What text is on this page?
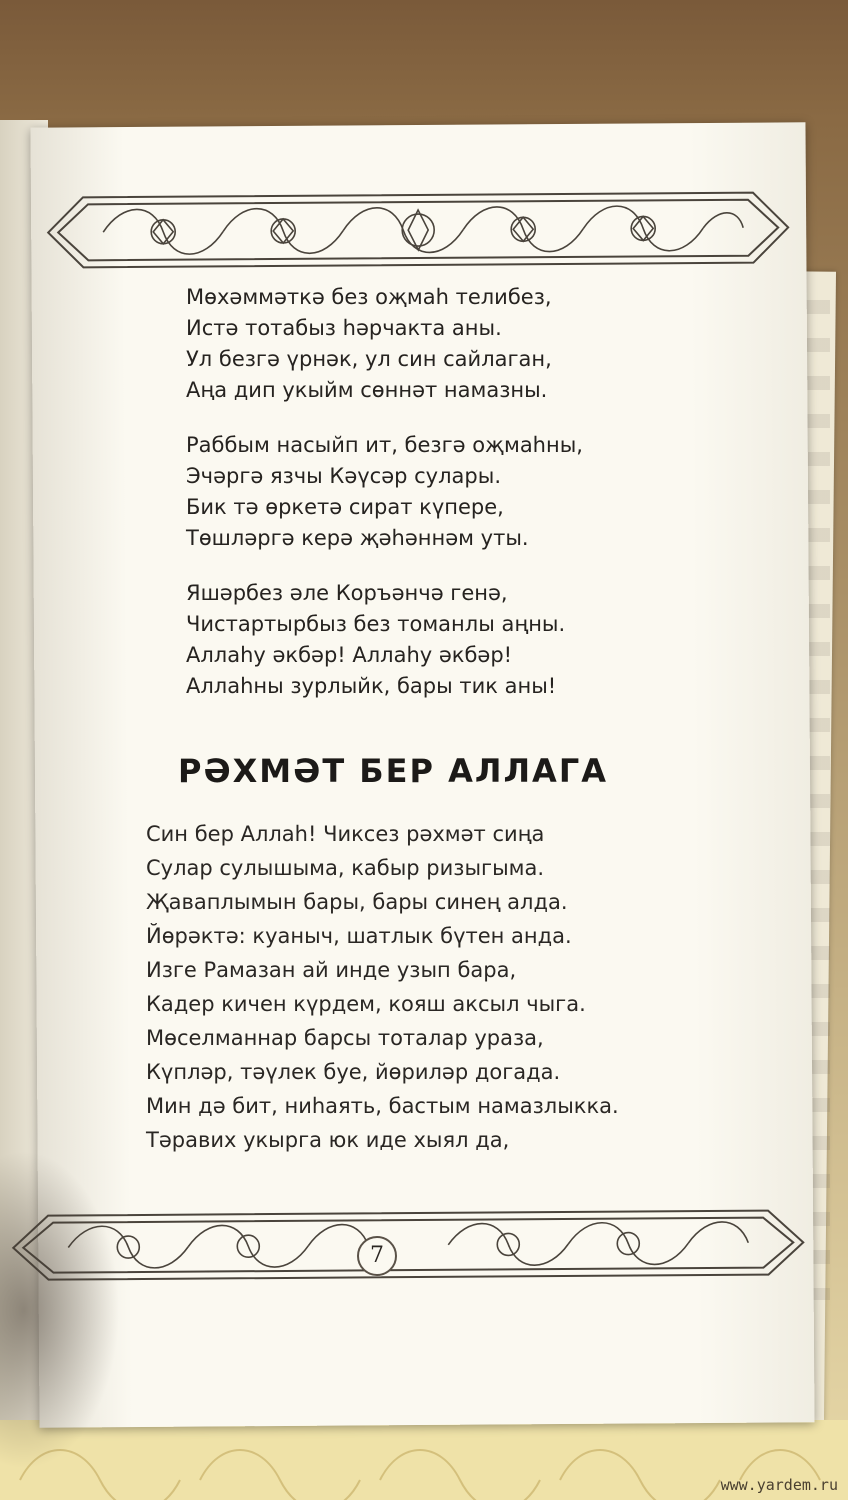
Мөхәммәткә без оҗмаһ телибез,
Истә тотабыз һәрчакта аны.
Ул безгә үрнәк, ул син сайлаган,
Аңа дип укыйм сөннәт намазны.
Раббым насыйп ит, безгә оҗмаһны,
Эчәргә язчы Кәүсәр сулары.
Бик тә өркетә сират күпере,
Төшләргә керә җәһәннәм уты.
Яшәрбез әле Коръәнчә генә,
Чистартырбыз без томанлы аңны.
Аллаһу әкбәр! Аллаһу әкбәр!
Аллаһны зурлыйк, бары тик аны!
РӘХМӘТ БЕР АЛЛАГА
Син бер Аллаһ! Чиксез рәхмәт сиңа
Сулар сулышыма, кабыр ризыгыма.
Җаваплымын бары, бары синең алда.
Йөрәктә: куаныч, шатлык бүтен анда.
Изге Рамазан ай инде узып бара,
Кадер кичен күрдем, кояш аксыл чыга.
Мөселманнар барсы тоталар ураза,
Күпләр, тәүлек буе, йөриләр догада.
Мин дә бит, ниһаять, бастым намазлыкка.
Тәравих укырга юк иде хыял да,
7
www.yardem.ru
